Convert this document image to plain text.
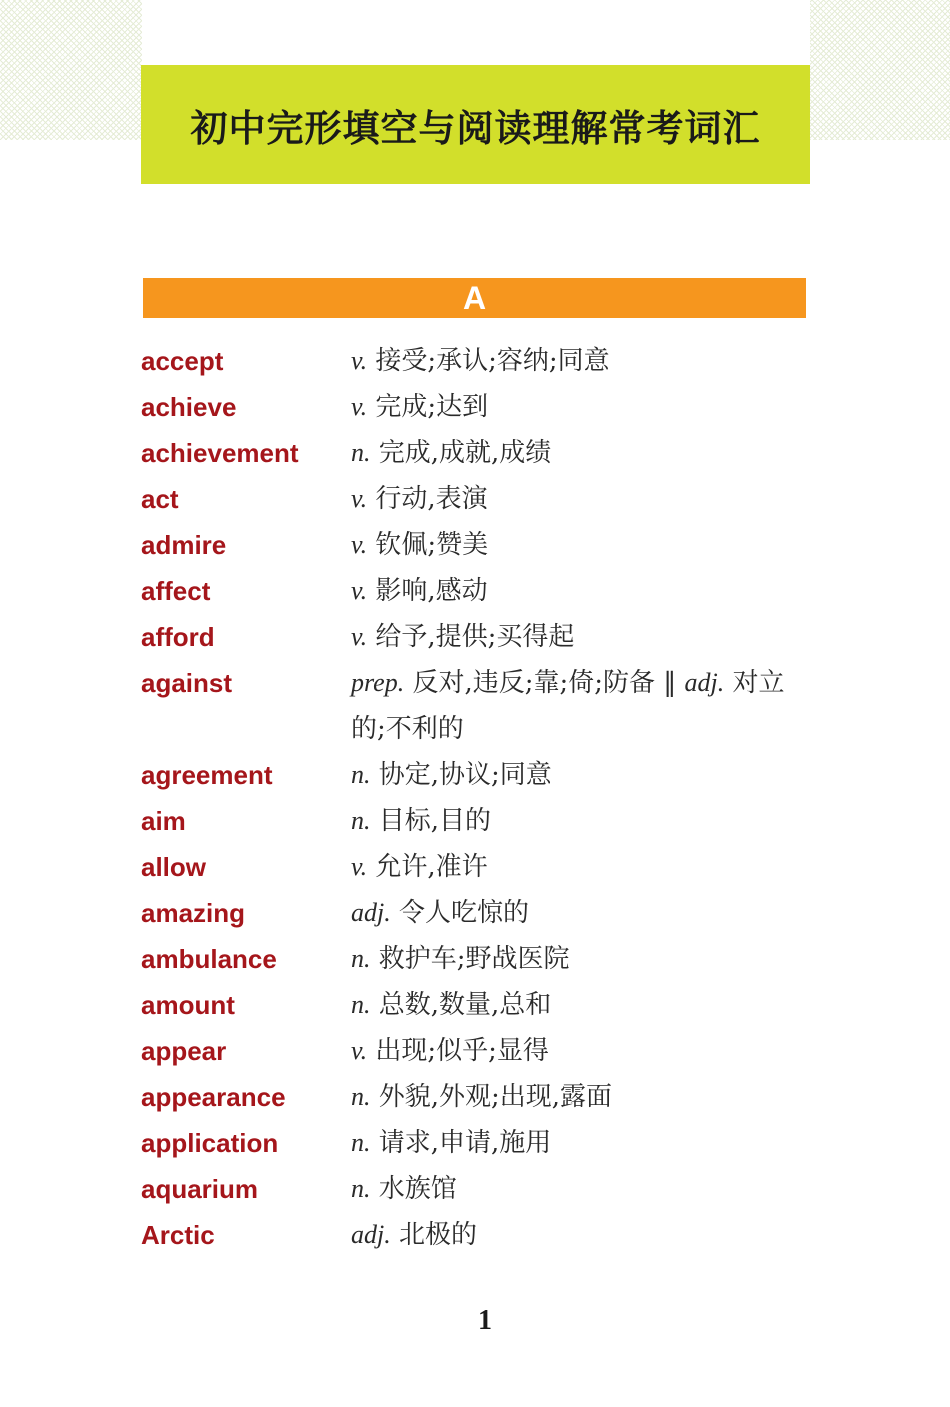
初中完形填空与阅读理解常考词汇
A
accept	v. 接受;承认;容纳;同意
achieve	v. 完成;达到
achievement	n. 完成,成就,成绩
act	v. 行动,表演
admire	v. 钦佩;赞美
affect	v. 影响,感动
afford	v. 给予,提供;买得起
against	prep. 反对,违反;靠;倚;防备 ‖ adj. 对立的;不利的
agreement	n. 协定,协议;同意
aim	n. 目标,目的
allow	v. 允许,准许
amazing	adj. 令人吃惊的
ambulance	n. 救护车;野战医院
amount	n. 总数,数量,总和
appear	v. 出现;似乎;显得
appearance	n. 外貌,外观;出现,露面
application	n. 请求,申请,施用
aquarium	n. 水族馆
Arctic	adj. 北极的
1
